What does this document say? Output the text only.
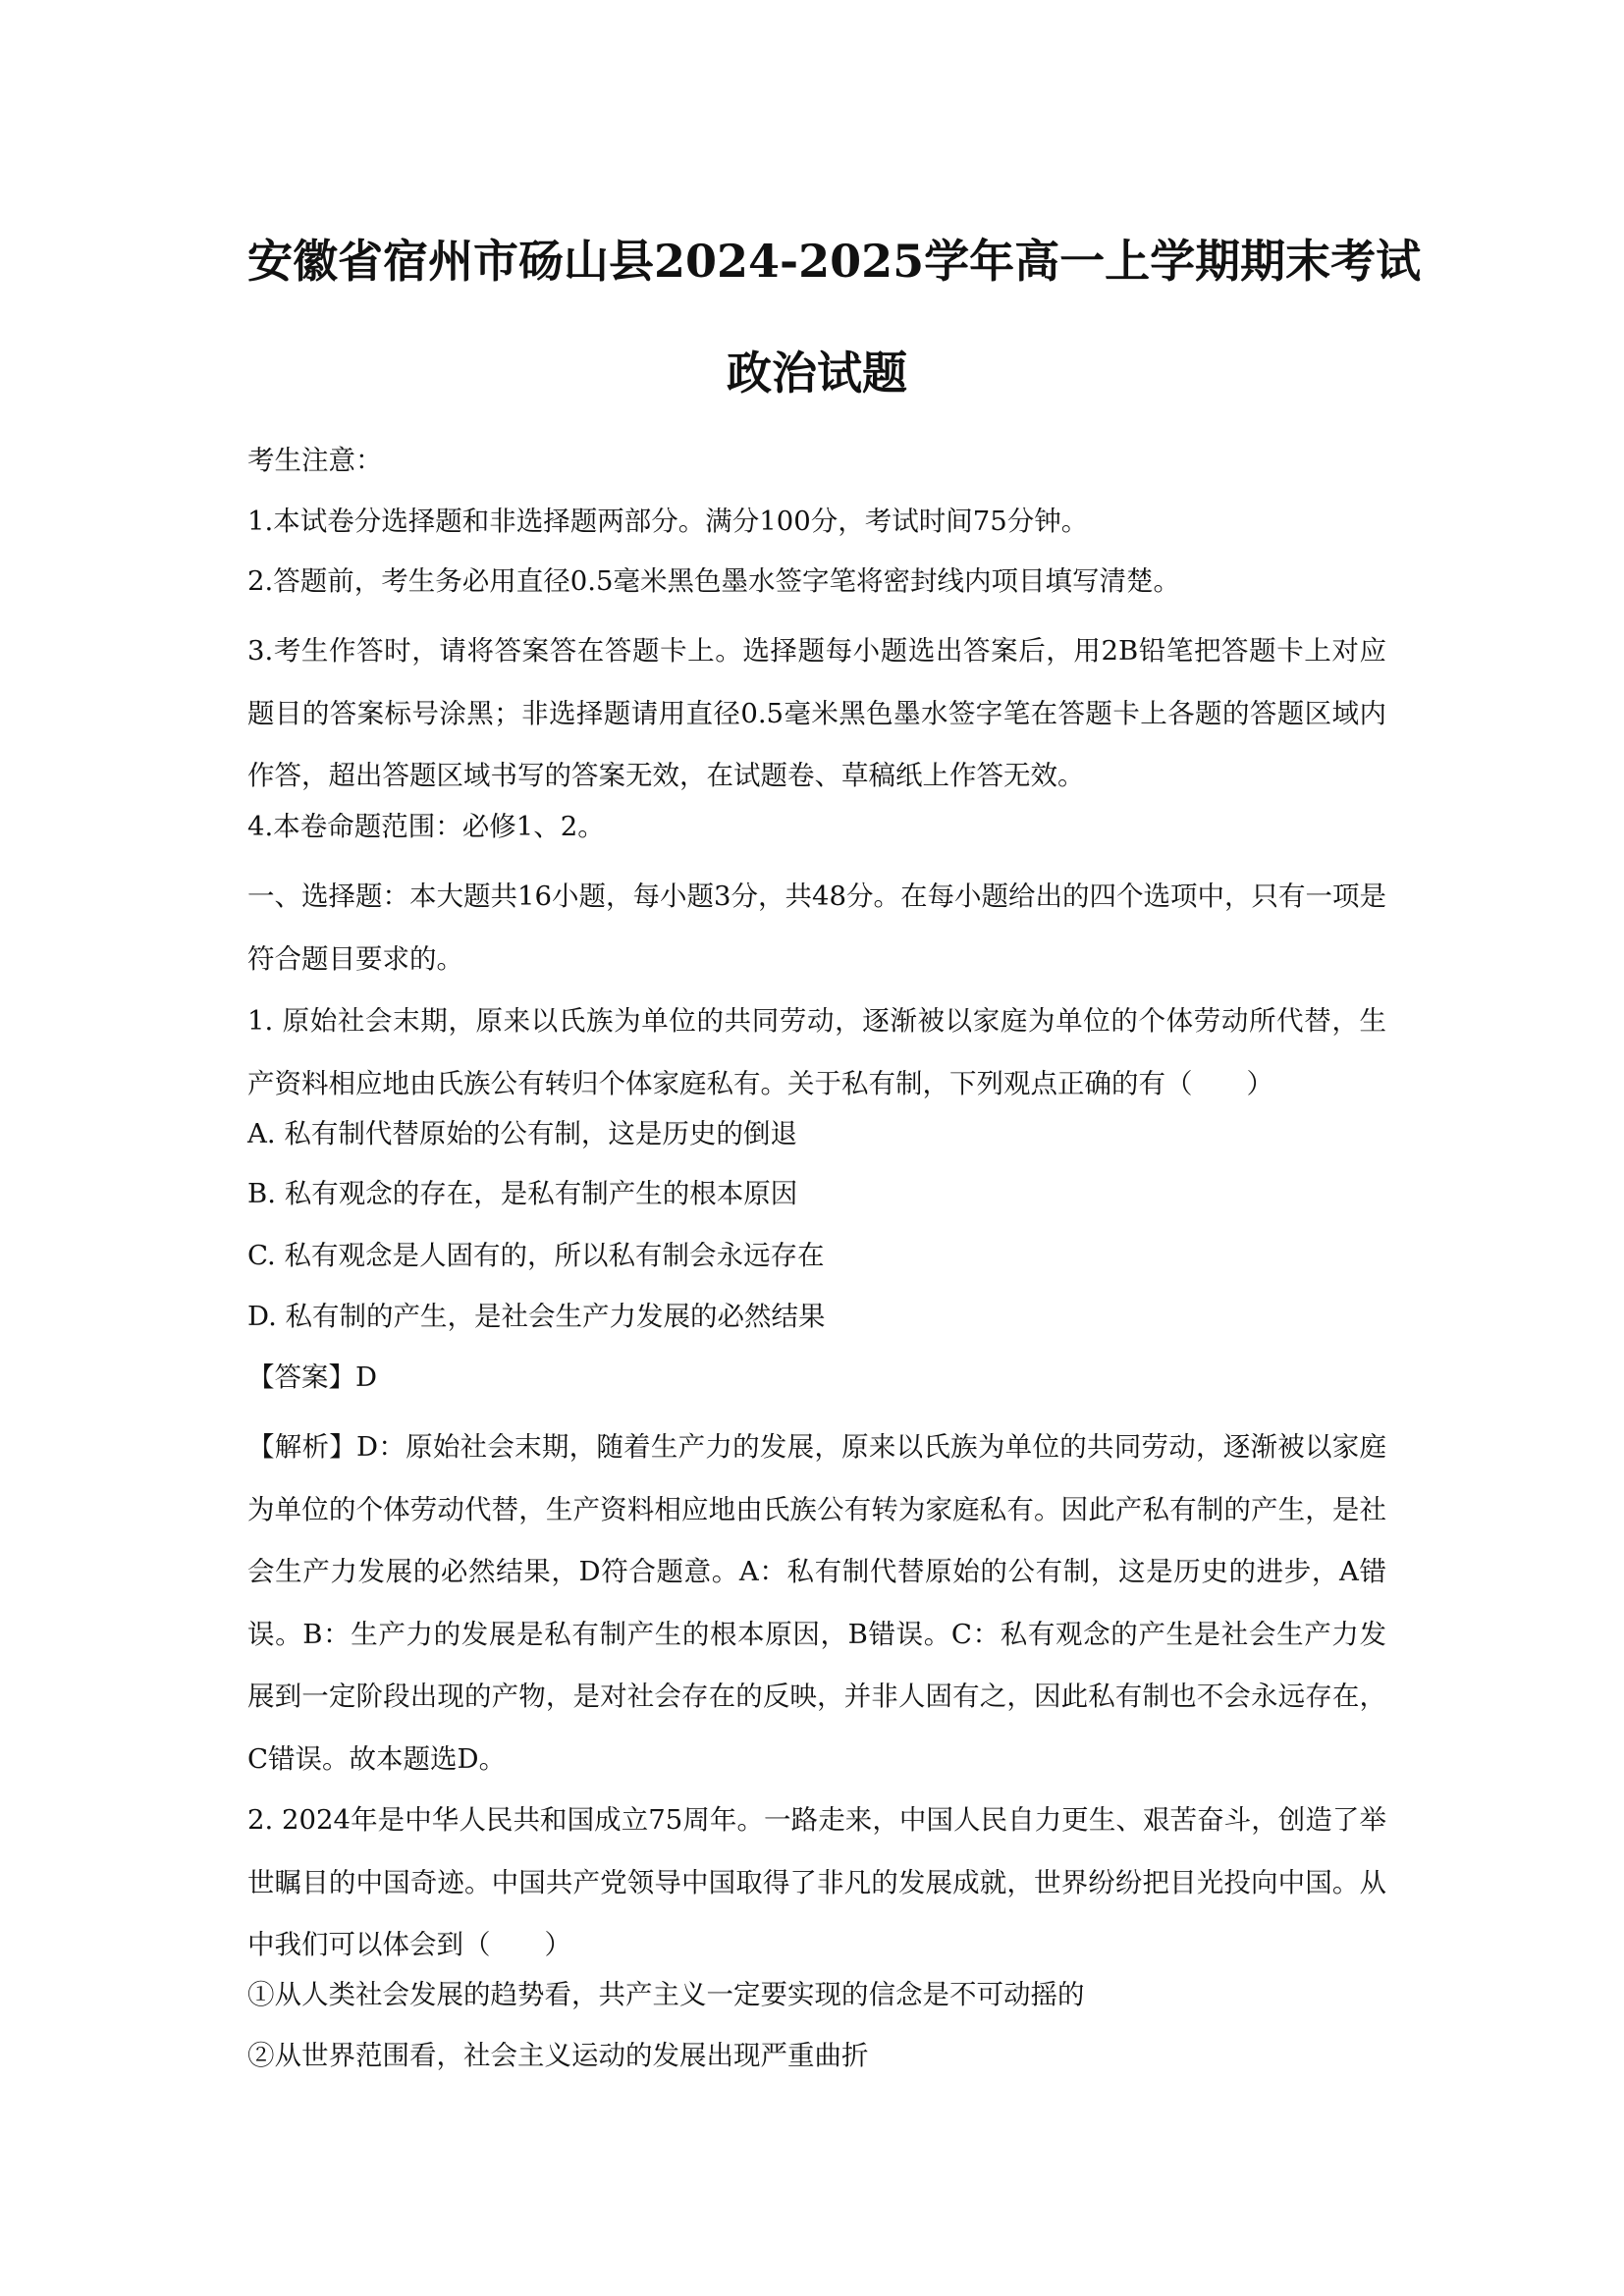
安徽省宿州市砀山县2024-2025学年高一上学期期末考试
政治试题
考生注意：
1.本试卷分选择题和非选择题两部分。满分100分，考试时间75分钟。
2.答题前，考生务必用直径0.5毫米黑色墨水签字笔将密封线内项目填写清楚。
3.考生作答时，请将答案答在答题卡上。选择题每小题选出答案后，用2B铅笔把答题卡上对应题目的答案标号涂黑；非选择题请用直径0.5毫米黑色墨水签字笔在答题卡上各题的答题区域内作答，超出答题区域书写的答案无效，在试题卷、草稿纸上作答无效。
4.本卷命题范围：必修1、2。
一、选择题：本大题共16小题，每小题3分，共48分。在每小题给出的四个选项中，只有一项是符合题目要求的。
1. 原始社会末期，原来以氏族为单位的共同劳动，逐渐被以家庭为单位的个体劳动所代替，生产资料相应地由氏族公有转归个体家庭私有。关于私有制，下列观点正确的有（　　）
A. 私有制代替原始的公有制，这是历史的倒退
B. 私有观念的存在，是私有制产生的根本原因
C. 私有观念是人固有的，所以私有制会永远存在
D. 私有制的产生，是社会生产力发展的必然结果
【答案】D
【解析】D：原始社会末期，随着生产力的发展，原来以氏族为单位的共同劳动，逐渐被以家庭为单位的个体劳动代替，生产资料相应地由氏族公有转为家庭私有。因此产私有制的产生，是社会生产力发展的必然结果，D符合题意。A：私有制代替原始的公有制，这是历史的进步，A错误。B：生产力的发展是私有制产生的根本原因，B错误。C：私有观念的产生是社会生产力发展到一定阶段出现的产物，是对社会存在的反映，并非人固有之，因此私有制也不会永远存在，C错误。故本题选D。
2. 2024年是中华人民共和国成立75周年。一路走来，中国人民自力更生、艰苦奋斗，创造了举世瞩目的中国奇迹。中国共产党领导中国取得了非凡的发展成就，世界纷纷把目光投向中国。从中我们可以体会到（　　）
①从人类社会发展的趋势看，共产主义一定要实现的信念是不可动摇的
②从世界范围看，社会主义运动的发展出现严重曲折
